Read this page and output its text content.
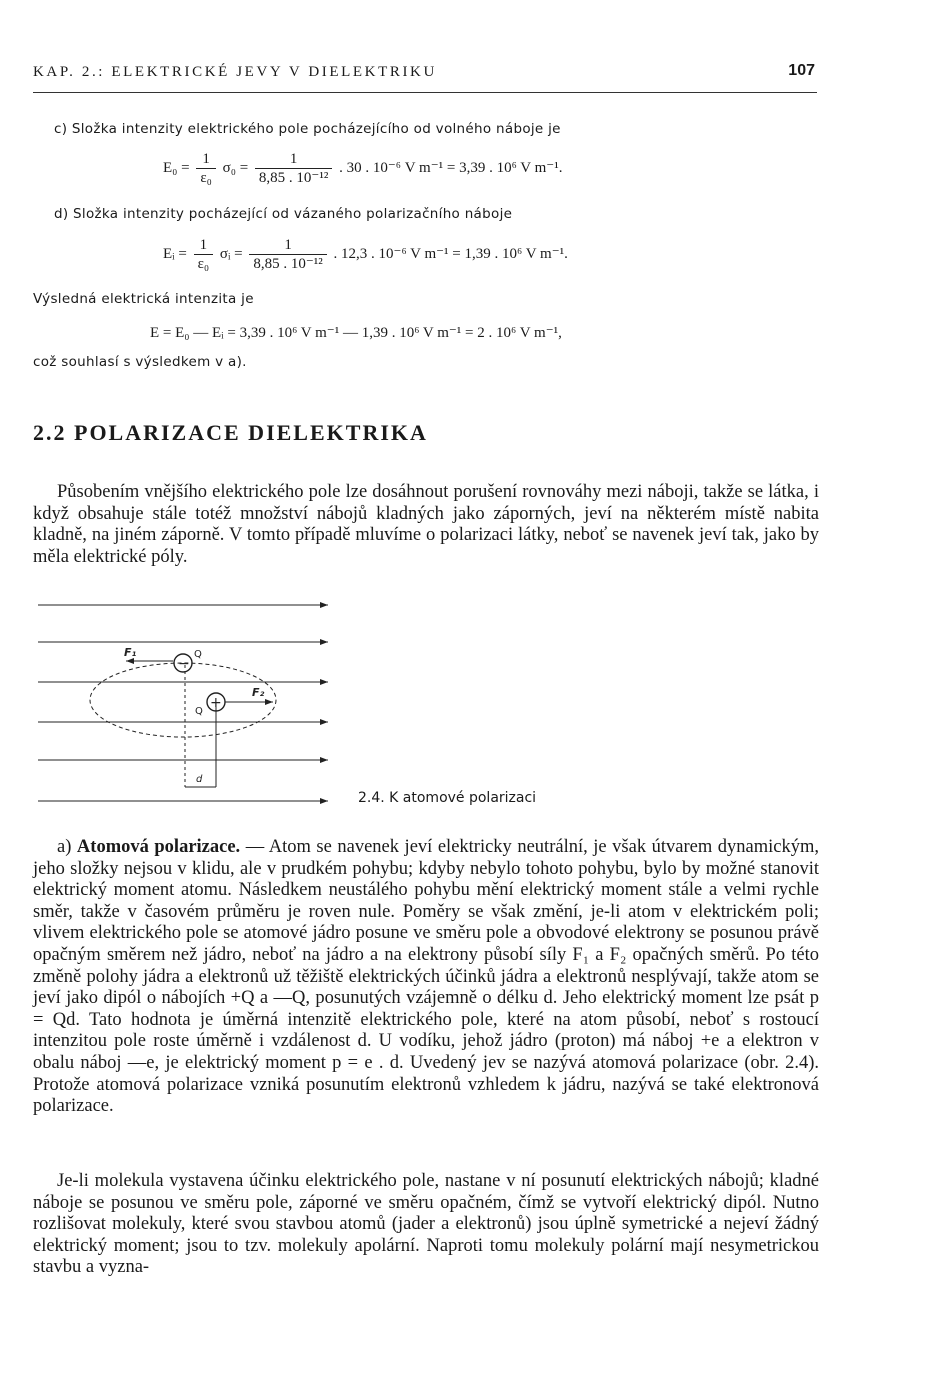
KAP. 2.: ELEKTRICKÉ JEVY V DIELEKTRIKU	107
c) Složka intenzity elektrického pole pocházejícího od volného náboje je
$E_0 = \frac{1}{\text{ε₀}} \sigma_0 = \frac{1}{\text{8,85 . 10⁻¹²}}$ . 30 . 10⁻⁶ V m⁻¹ = 3,39 . 10⁶ V m⁻¹.
d) Složka intenzity pocházející od vázaného polarizačního náboje
Eᵢ = $\frac{1}{\text{ε₀}}$ σᵢ = $\frac{1}{\text{8,85 . 10⁻¹²}}$ . 12,3 . 10⁻⁶ V m⁻¹ = 1,39 . 10⁶ V m⁻¹.
Výsledná elektrická intenzita je
E = E₀ — Eᵢ = 3,39 . 10⁶ V m⁻¹ — 1,39 . 10⁶ V m⁻¹ = 2 . 10⁶ V m⁻¹,
což souhlasí s výsledkem v a).
2.2 POLARIZACE DIELEKTRIKA

Působením vnějšího elektrického pole lze dosáhnout porušení rovnováhy mezi náboji, takže se látka, i když obsahuje stále totéž množství nábojů kladných jako záporných, jeví na některém místě nabita kladně, na jiném záporně. V tomto případě mluvíme o polarizaci látky, neboť se navenek jeví tak, jako by měla elektrické póly.

−
+
F₁
F₂
Q
Q
d
2.4. K atomové polarizaci

a) Atomová polarizace. — Atom se navenek jeví elektricky neutrální, je však útvarem dynamickým, jeho složky nejsou v klidu, ale v prudkém pohybu; kdyby nebylo tohoto pohybu, bylo by možné stanovit elektrický moment atomu. Následkem neustálého pohybu mění elektrický moment stále a velmi rychle směr, takže v časovém průměru je roven nule. Poměry se však změní, je-li atom v elektrickém poli; vlivem elektrického pole se atomové jádro posune ve směru pole a obvodové elektrony se posunou právě opačným směrem než jádro, neboť na jádro a na elektrony působí síly F₁ a F₂ opačných směrů. Po této změně polohy jádra a elektronů už těžiště elektrických účinků jádra a elektronů nesplývají, takže atom se jeví jako dipól o nábojích +Q a —Q, posunutých vzájemně o délku d. Jeho elektrický moment lze psát p = Qd. Tato hodnota je úměrná intenzitě elektrického pole, které na atom působí, neboť s rostoucí intenzitou pole roste úměrně i vzdálenost d. U vodíku, jehož jádro (proton) má náboj +e a elektron v obalu náboj —e, je elektrický moment p = e . d. Uvedený jev se nazývá atomová polarizace (obr. 2.4). Protože atomová polarizace vzniká posunutím elektronů vzhledem k jádru, nazývá se také elektronová polarizace.

Je-li molekula vystavena účinku elektrického pole, nastane v ní posunutí elektrických nábojů; kladné náboje se posunou ve směru pole, záporné ve směru opačném, čímž se vytvoří elektrický dipól. Nutno rozlišovat molekuly, které svou stavbou atomů (jader a elektronů) jsou úplně symetrické a nejeví žádný elektrický moment; jsou to tzv. molekuly apolární. Naproti tomu molekuly polární mají nesymetrickou stavbu a vyzna-
